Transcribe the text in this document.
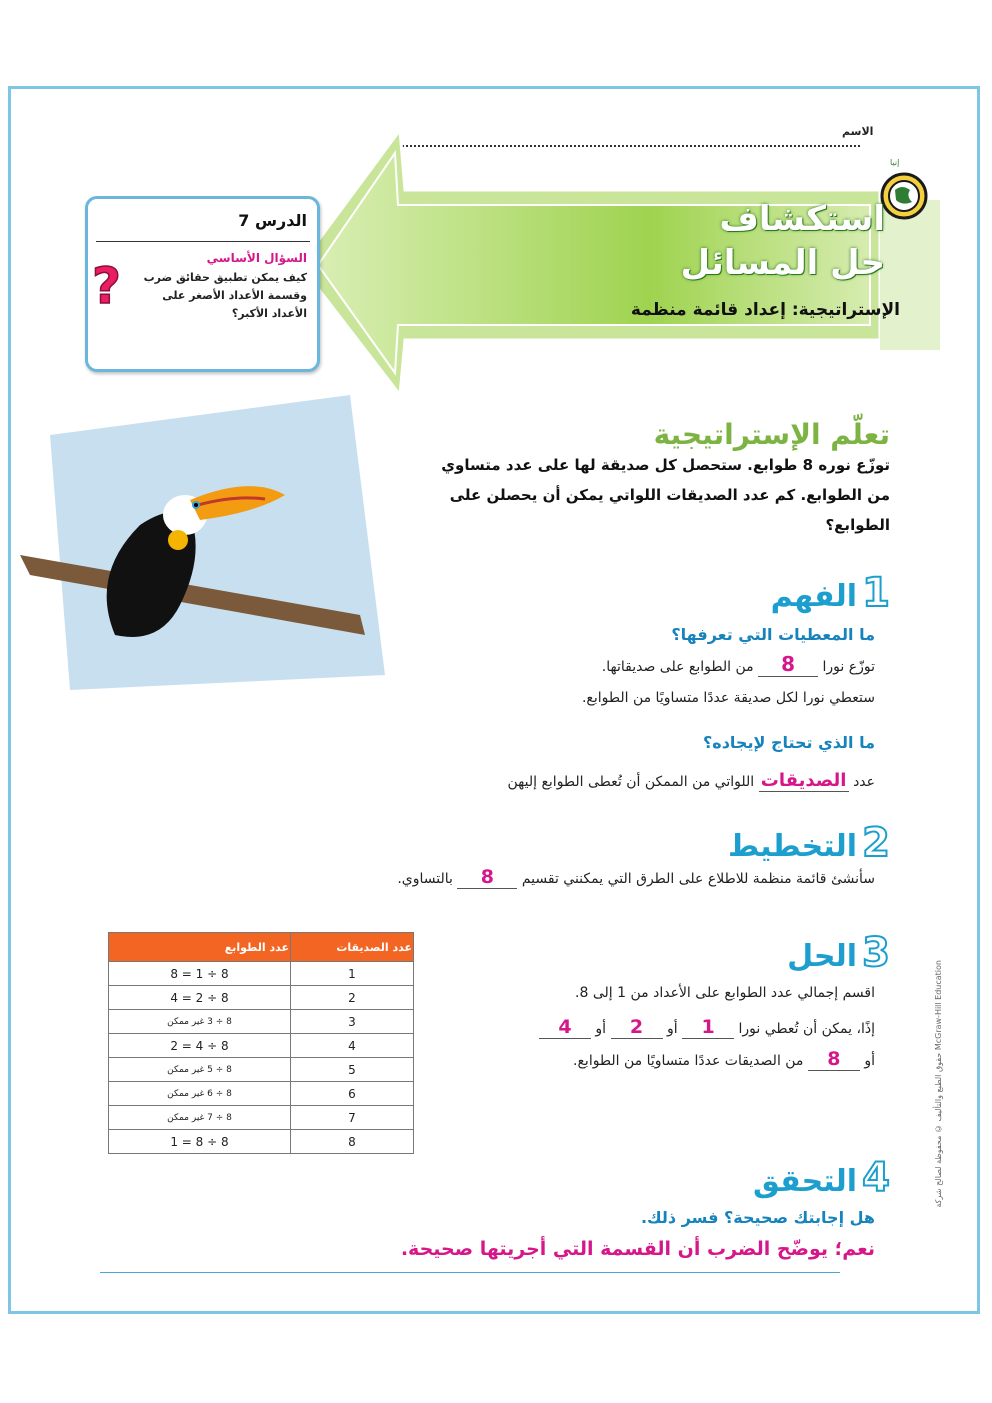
الاسم
إنيا
استكشاف
حل المسائل
الإستراتيجية: إعداد قائمة منظمة
الدرس 7
السؤال الأساسي
كيف يمكن تطبيق حقائق ضرب وقسمة الأعداد الأصغر على الأعداد الأكبر؟
?
تعلّم الإستراتيجية
توزّع نوره 8 طوابع. ستحصل كل صديقة لها على عدد متساوي من الطوابع. كم عدد الصديقات اللواتي يمكن أن يحصلن على الطوابع؟
1 الفهم
ما المعطيات التي تعرفها؟
توزّع نورا 8 من الطوابع على صديقاتها.
ستعطي نورا لكل صديقة عددًا متساويًا من الطوابع.
ما الذي تحتاج لإيجاده؟
عدد الصديقات اللواتي من الممكن أن تُعطى الطوابع إليهن
2 التخطيط
سأنشئ قائمة منظمة للاطلاع على الطرق التي يمكنني تقسيم 8 بالتساوي.
3 الحل
اقسم إجمالي عدد الطوابع على الأعداد من 1 إلى 8.
إذًا، يمكن أن تُعطي نورا 1 أو 2 أو 4
أو 8 من الصديقات عددًا متساويًا من الطوابع.
عدد الصديقات	عدد الطوابع
1	8 ÷ 1 = 8
2	8 ÷ 2 = 4
3	8 ÷ 3 غير ممكن
4	8 ÷ 4 = 2
5	8 ÷ 5 غير ممكن
6	8 ÷ 6 غير ممكن
7	8 ÷ 7 غير ممكن
8	8 ÷ 8 = 1
4 التحقق
هل إجابتك صحيحة؟ فسر ذلك.
نعم؛ يوضّح الضرب أن القسمة التي أجريتها صحيحة.
حقوق الطبع والتأليف © محفوظة لصالح شركة McGraw-Hill Education
